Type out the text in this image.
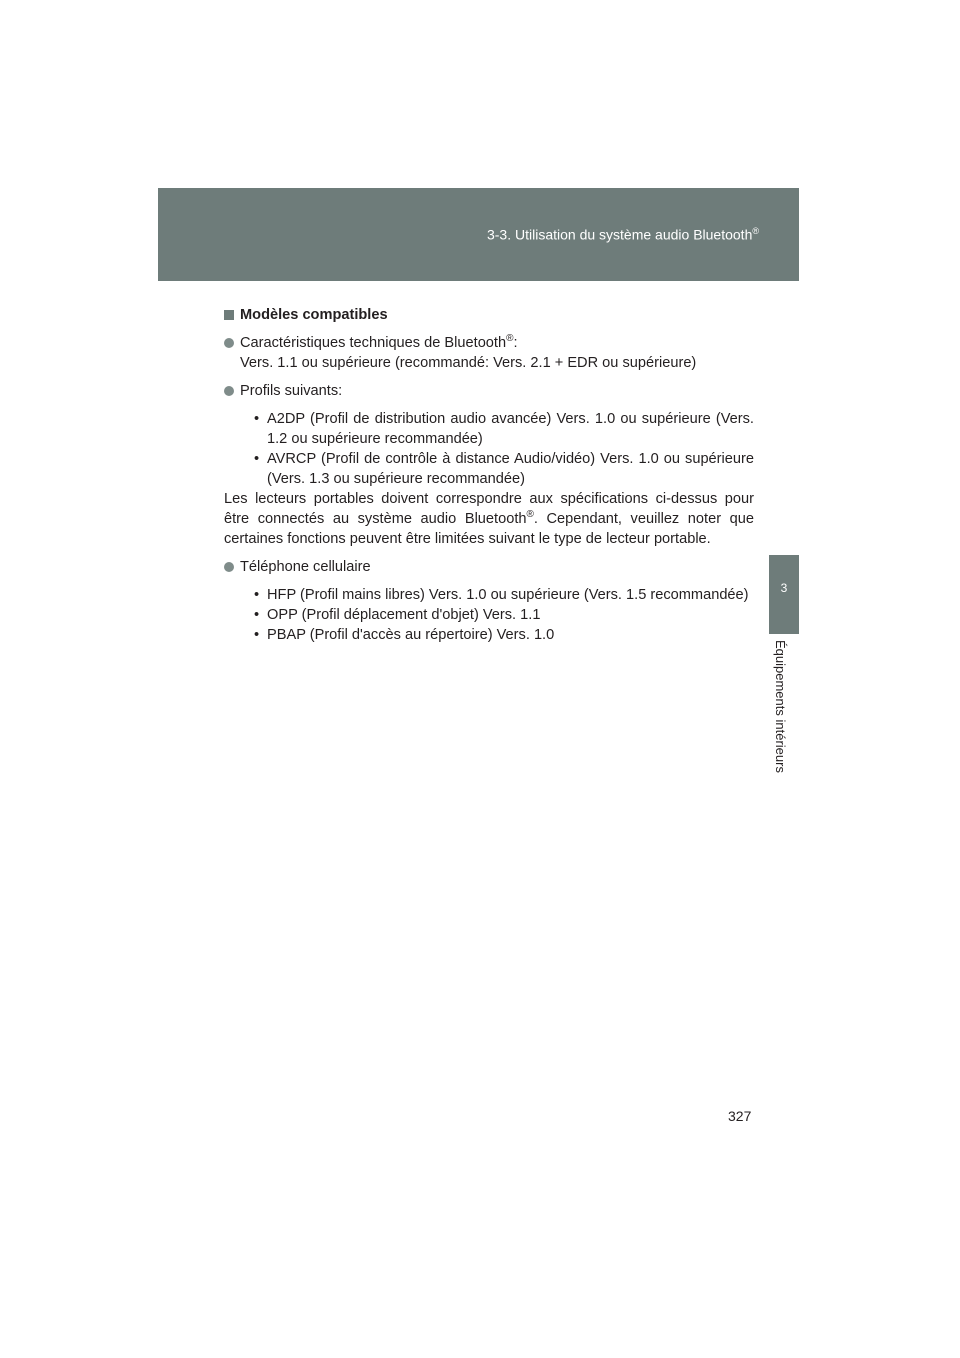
3-3. Utilisation du système audio Bluetooth®
3
Équipements intérieurs
Modèles compatibles
Caractéristiques techniques de Bluetooth®:
Vers. 1.1 ou supérieure (recommandé: Vers. 2.1 + EDR ou supérieure)
Profils suivants:
• A2DP (Profil de distribution audio avancée) Vers. 1.0 ou supérieure (Vers. 1.2 ou supérieure recommandée)
• AVRCP (Profil de contrôle à distance Audio/vidéo) Vers. 1.0 ou supérieure (Vers. 1.3 ou supérieure recommandée)
Les lecteurs portables doivent correspondre aux spécifications ci-dessus pour être connectés au système audio Bluetooth®. Cependant, veuillez noter que certaines fonctions peuvent être limitées suivant le type de lecteur portable.
Téléphone cellulaire
• HFP (Profil mains libres) Vers. 1.0 ou supérieure (Vers. 1.5 recommandée)
• OPP (Profil déplacement d'objet) Vers. 1.1
• PBAP (Profil d'accès au répertoire) Vers. 1.0
327
